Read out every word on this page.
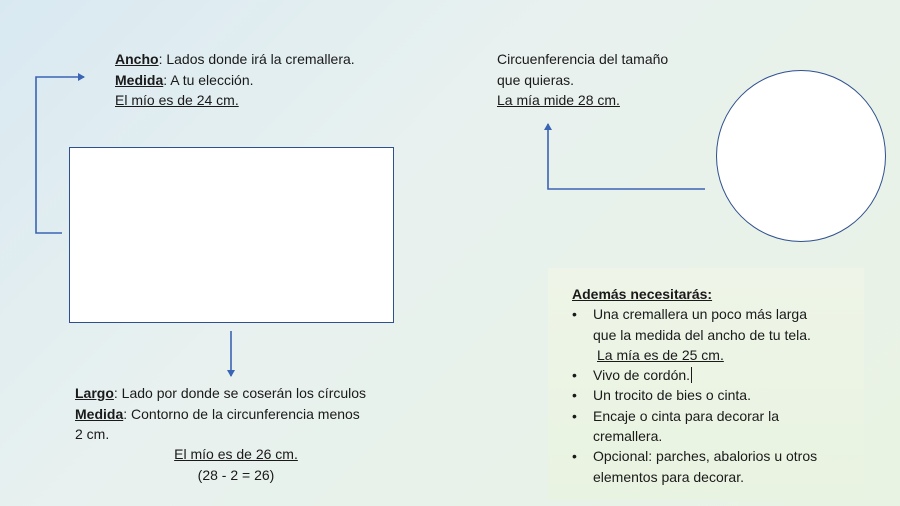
Ancho: Lados donde irá la cremallera.
Medida: A tu elección.
El mío es de 24 cm.
Circuenferencia del tamaño
que quieras.
La mía mide 28 cm.
Largo: Lado por donde se coserán los círculos
Medida: Contorno de la circunferencia menos
2 cm.
El mío es de 26 cm.
(28 - 2 = 26)
Además necesitarás:
•	Una cremallera un poco más larga
que la medida del ancho de tu tela.
La mía es de 25 cm.
•	Vivo de cordón.
•	Un trocito de bies o cinta.
•	Encaje o cinta para decorar la
cremallera.
•	Opcional: parches, abalorios u otros
elementos para decorar.
